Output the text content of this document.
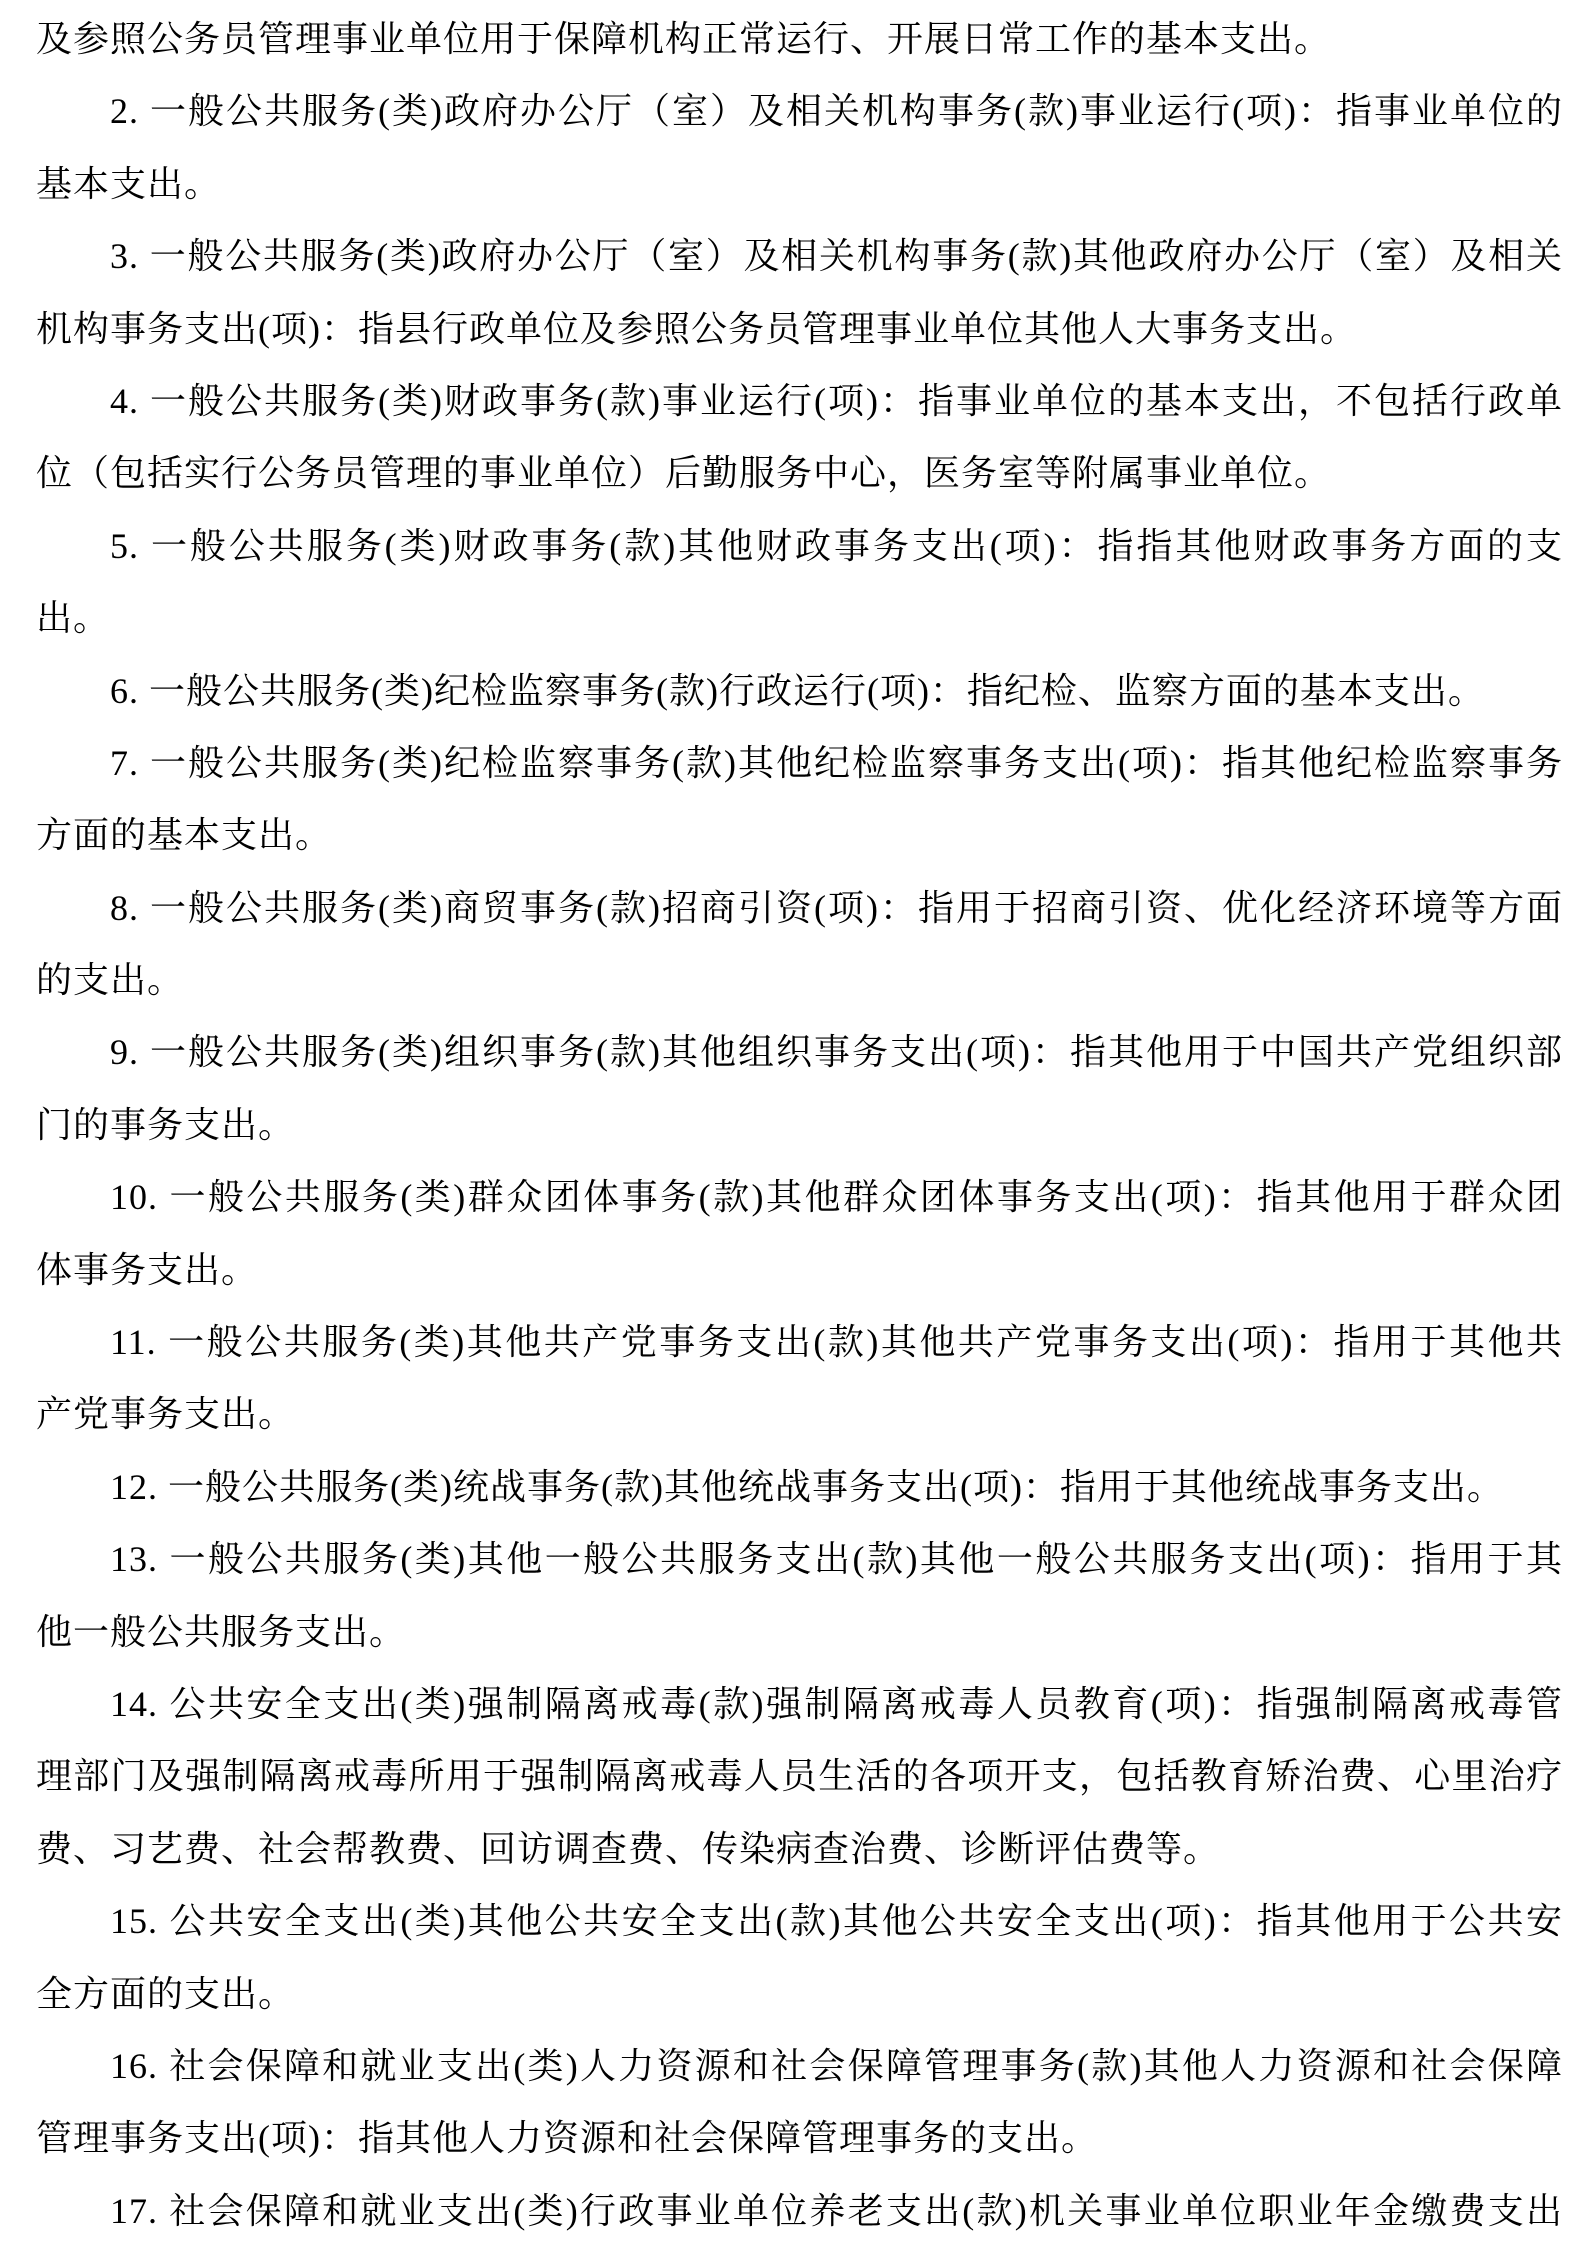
及参照公务员管理事业单位用于保障机构正常运行、开展日常工作的基本支出。
2. 一般公共服务(类)政府办公厅（室）及相关机构事务(款)事业运行(项)：指事业单位的
基本支出。
3. 一般公共服务(类)政府办公厅（室）及相关机构事务(款)其他政府办公厅（室）及相关
机构事务支出(项)：指县行政单位及参照公务员管理事业单位其他人大事务支出。
4. 一般公共服务(类)财政事务(款)事业运行(项)：指事业单位的基本支出，不包括行政单
位（包括实行公务员管理的事业单位）后勤服务中心，医务室等附属事业单位。
5. 一般公共服务(类)财政事务(款)其他财政事务支出(项)：指指其他财政事务方面的支
出。
6. 一般公共服务(类)纪检监察事务(款)行政运行(项)：指纪检、监察方面的基本支出。
7. 一般公共服务(类)纪检监察事务(款)其他纪检监察事务支出(项)：指其他纪检监察事务
方面的基本支出。
8. 一般公共服务(类)商贸事务(款)招商引资(项)：指用于招商引资、优化经济环境等方面
的支出。
9. 一般公共服务(类)组织事务(款)其他组织事务支出(项)：指其他用于中国共产党组织部
门的事务支出。
10. 一般公共服务(类)群众团体事务(款)其他群众团体事务支出(项)：指其他用于群众团
体事务支出。
11. 一般公共服务(类)其他共产党事务支出(款)其他共产党事务支出(项)：指用于其他共
产党事务支出。
12. 一般公共服务(类)统战事务(款)其他统战事务支出(项)：指用于其他统战事务支出。
13. 一般公共服务(类)其他一般公共服务支出(款)其他一般公共服务支出(项)：指用于其
他一般公共服务支出。
14. 公共安全支出(类)强制隔离戒毒(款)强制隔离戒毒人员教育(项)：指强制隔离戒毒管
理部门及强制隔离戒毒所用于强制隔离戒毒人员生活的各项开支，包括教育矫治费、心里治疗
费、习艺费、社会帮教费、回访调查费、传染病查治费、诊断评估费等。
15. 公共安全支出(类)其他公共安全支出(款)其他公共安全支出(项)：指其他用于公共安
全方面的支出。
16. 社会保障和就业支出(类)人力资源和社会保障管理事务(款)其他人力资源和社会保障
管理事务支出(项)：指其他人力资源和社会保障管理事务的支出。
17. 社会保障和就业支出(类)行政事业单位养老支出(款)机关事业单位职业年金缴费支出
